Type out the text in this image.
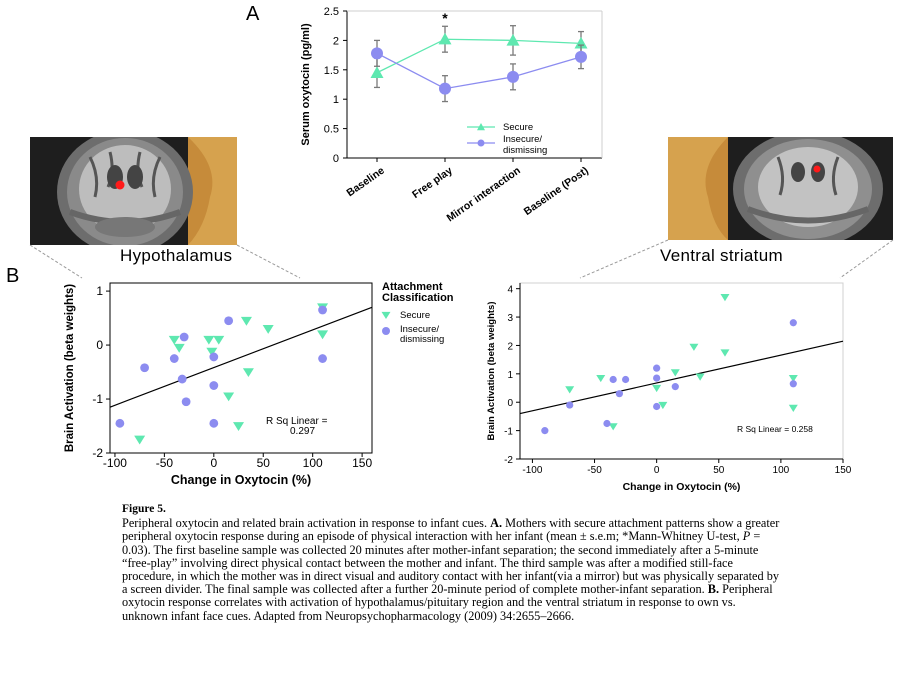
A
B
Hypothalamus	Ventral striatum
0
0.5
1
1.5
2
2.5
Serum oxytocin (pg/ml)
Baseline Free play
Mirror interaction
Baseline (Post)
*
Secure
Insecure/
dismissing
-2
-1
0
1
-100 -50	0	50	100 150
Change in Oxytocin (%)
Brain Activation (beta weights)	R Sq Linear =
0.297
Attachment
Classification
Secure
Insecure/
dismissing
-2
-1
0
1
2
3
4
-100	-50	0	50	100	150
Change in Oxytocin (%)
Brain Activation (beta weights)	R Sq Linear = 0.258
Figure 5.
Peripheral oxytocin and related brain activation in response to infant cues. A. Mothers with secure attachment patterns show a greater peripheral oxytocin response during an episode of physical interaction with her infant (mean ± s.e.m; *Mann-Whitney U-test, P = 0.03). The first baseline sample was collected 20 minutes after mother-infant separation; the second immediately after a 5-minute “free-play” involving direct physical contact between the mother and infant. The third sample was after a modified still-face procedure, in which the mother was in direct visual and auditory contact with her infant(via a mirror) but was physically separated by a screen divider. The final sample was collected after a further 20-minute period of complete mother-infant separation. B. Peripheral oxytocin response correlates with activation of hypothalamus/pituitary region and the ventral striatum in response to own vs. unknown infant face cues. Adapted from Neuropsychopharmacology (2009) 34:2655–2666.
